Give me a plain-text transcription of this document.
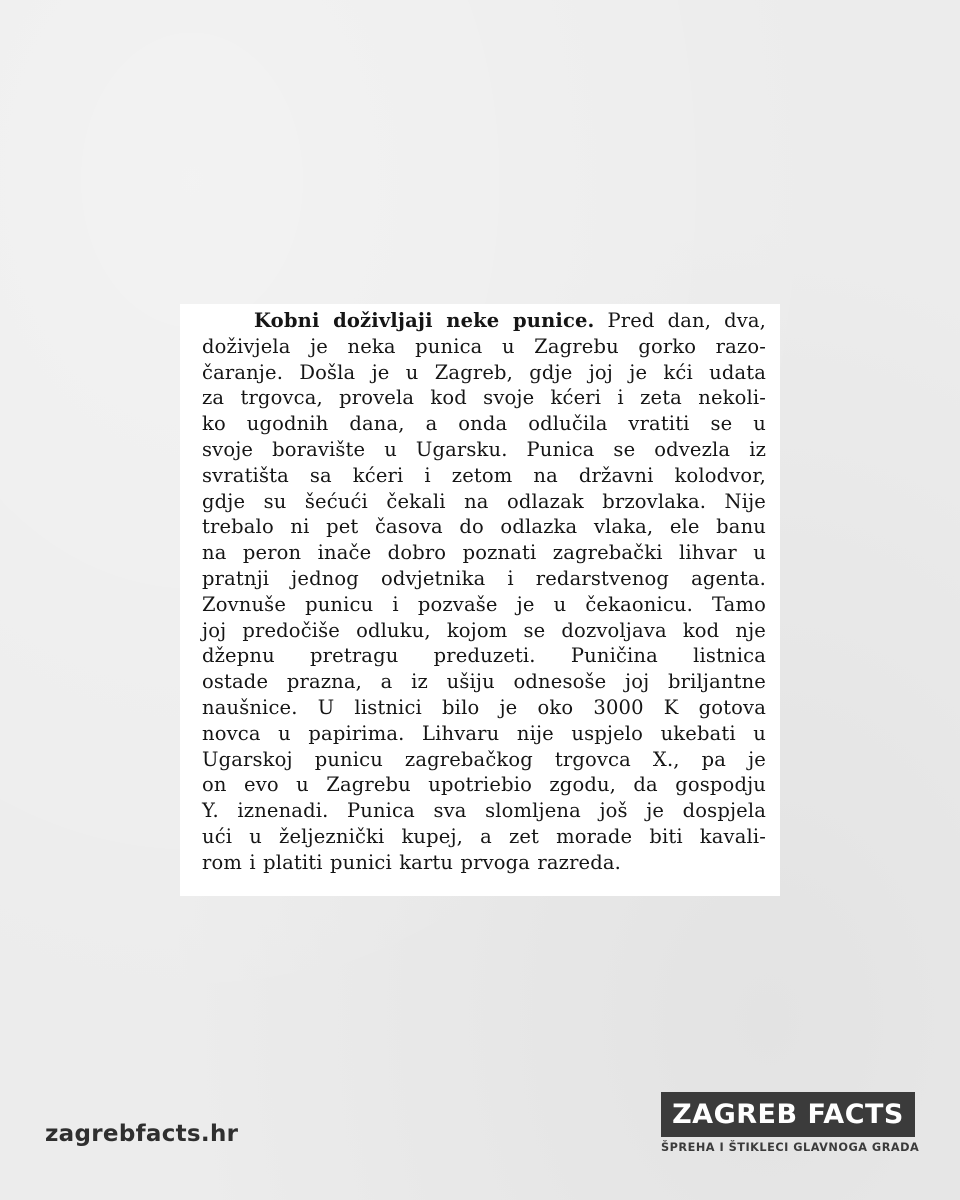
Kobni doživljaji neke punice. Pred dan, dva,
doživjela je neka punica u Zagrebu gorko razo-
čaranje. Došla je u Zagreb, gdje joj je kći udata
za trgovca, provela kod svoje kćeri i zeta nekoli-
ko ugodnih dana, a onda odlučila vratiti se u
svoje boravište u Ugarsku. Punica se odvezla iz
svratišta sa kćeri i zetom na državni kolodvor,
gdje su šećući čekali na odlazak brzovlaka. Nije
trebalo ni pet časova do odlazka vlaka, ele banu
na peron inače dobro poznati zagrebački lihvar u
pratnji jednog odvjetnika i redarstvenog agenta.
Zovnuše punicu i pozvaše je u čekaonicu. Tamo
joj predočiše odluku, kojom se dozvoljava kod nje
džepnu pretragu preduzeti. Puničina listnica
ostade prazna, a iz ušiju odnesoše joj briljantne
naušnice. U listnici bilo je oko 3000 K gotova
novca u papirima. Lihvaru nije uspjelo ukebati u
Ugarskoj punicu zagrebačkog trgovca X., pa je
on evo u Zagrebu upotriebio zgodu, da gospodju
Y. iznenadi. Punica sva slomljena još je dospjela
ući u željeznički kupej, a zet morade biti kavali-
rom i platiti punici kartu prvoga razreda.

zagrebfacts.hr
ZAGREB FACTS
ŠPREHA I ŠTIKLECI GLAVNOGA GRADA
